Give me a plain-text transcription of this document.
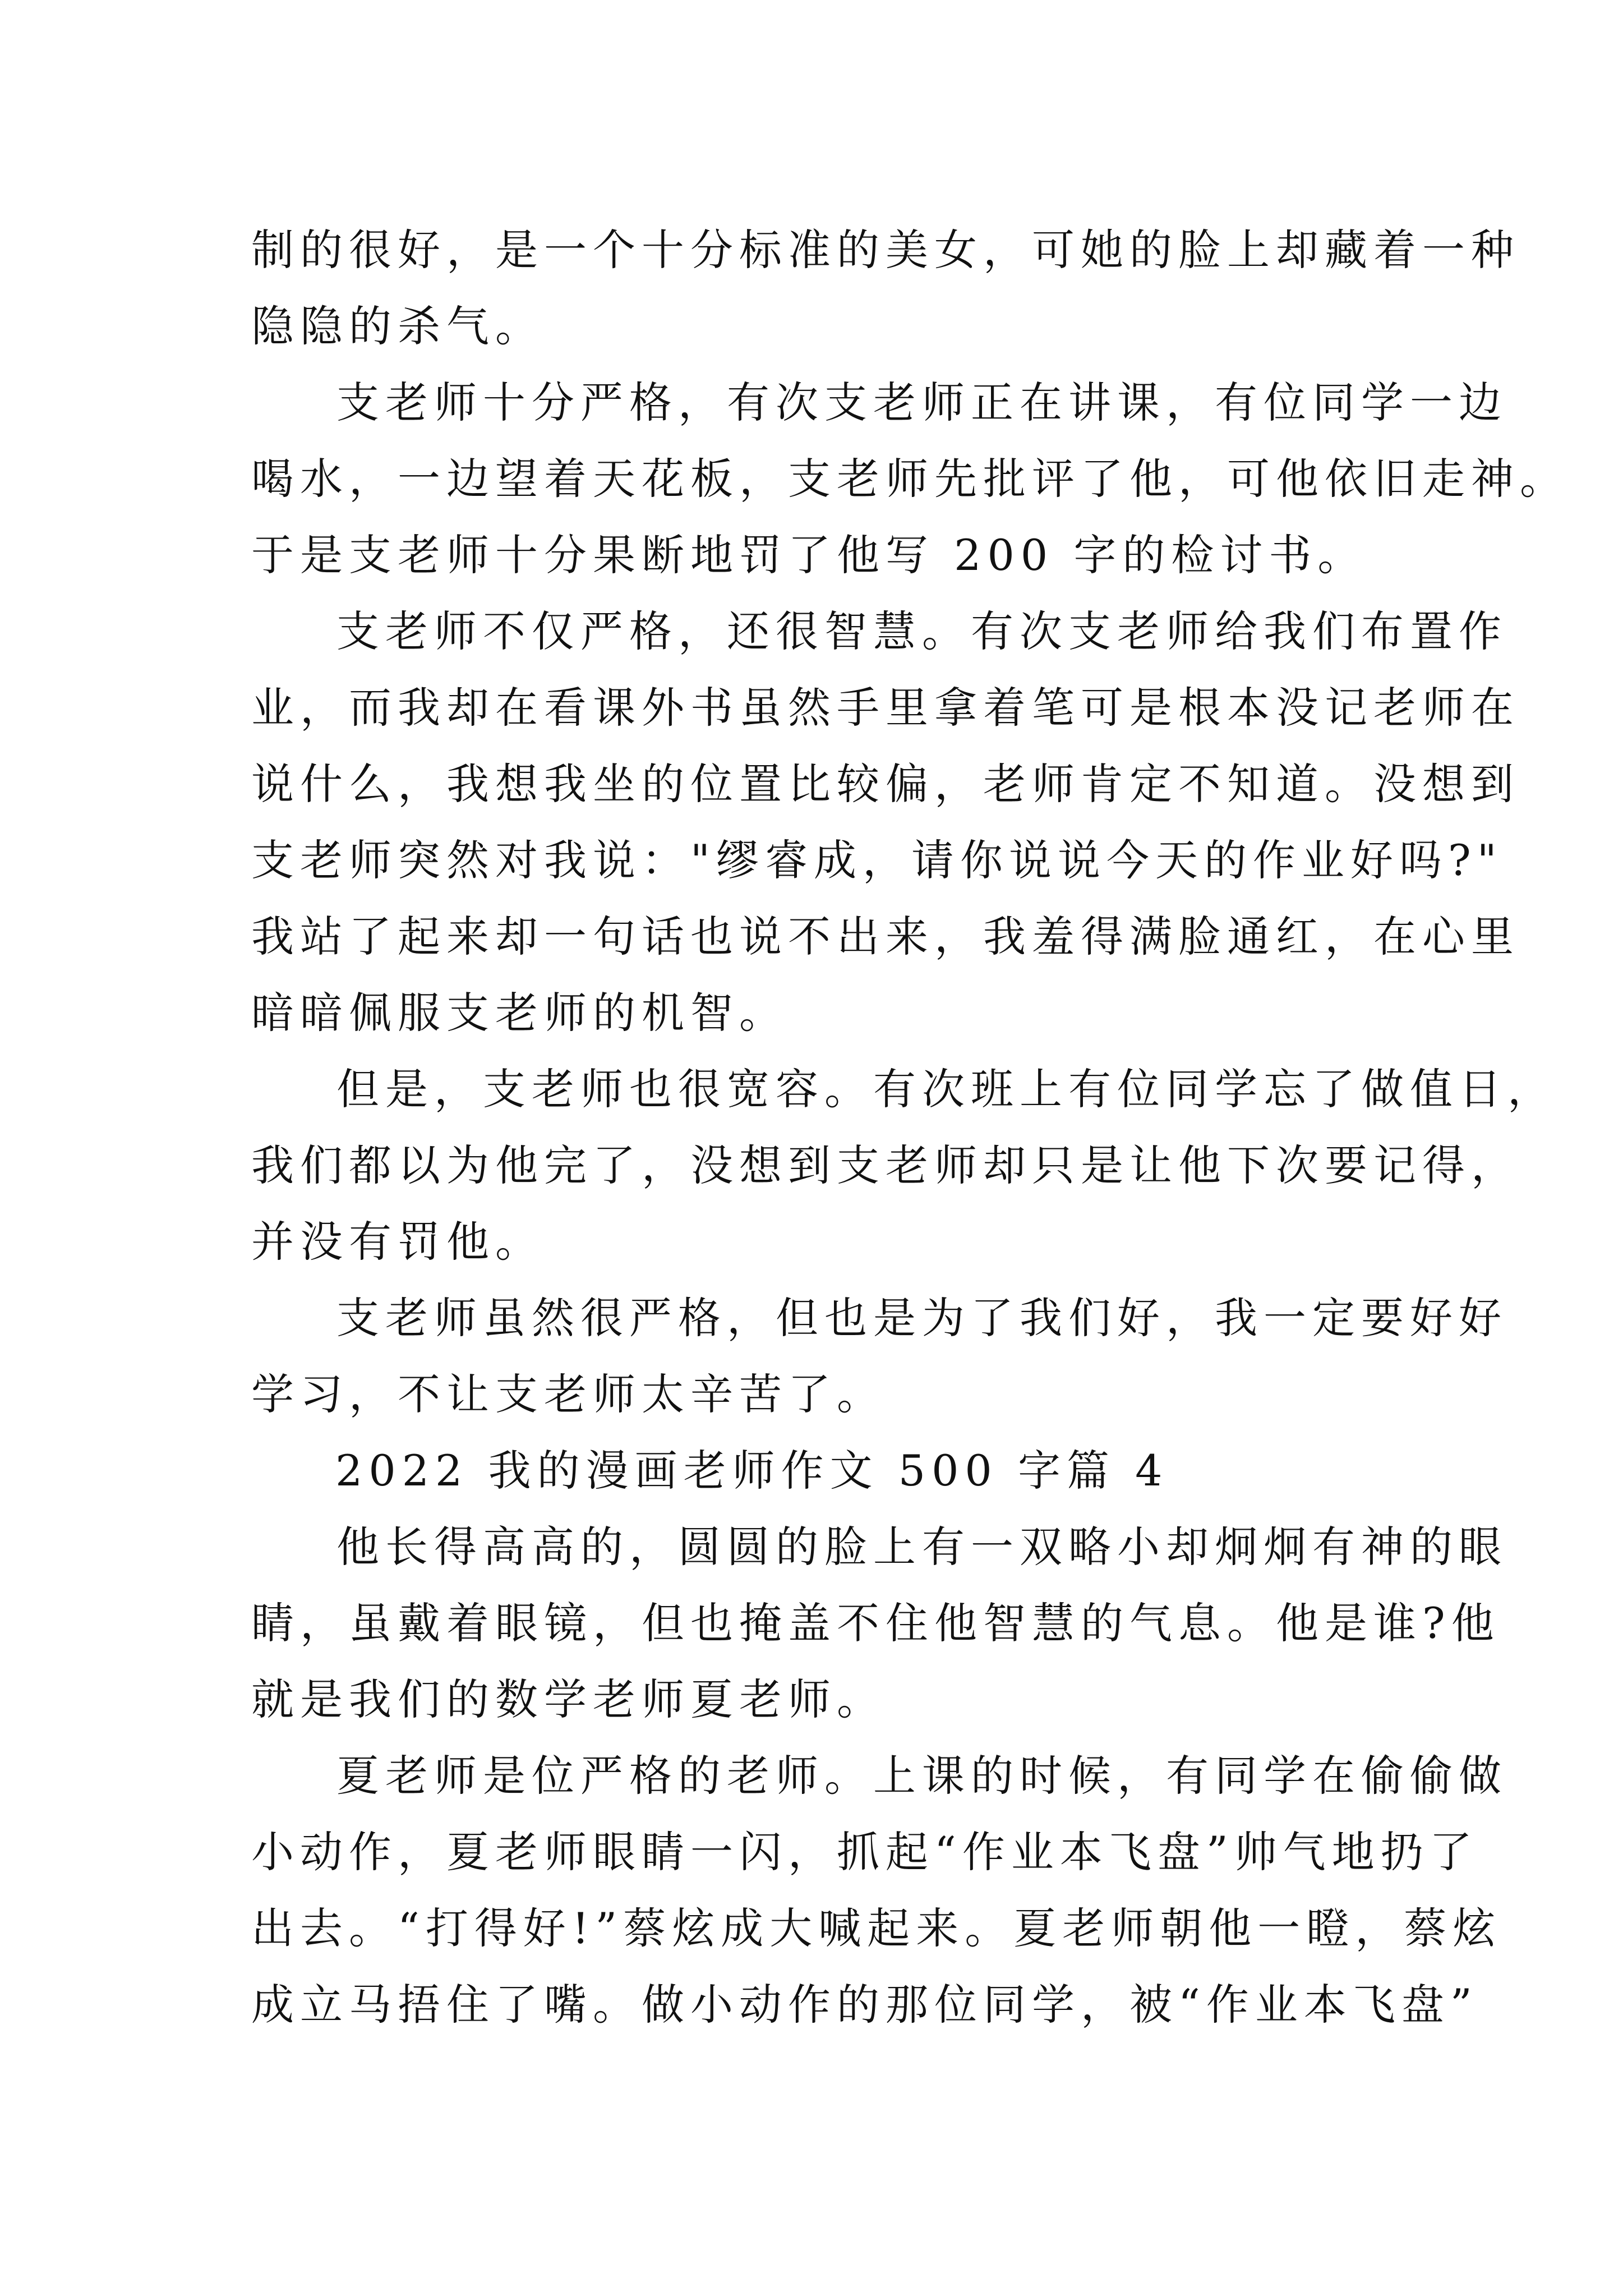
制的很好，是一个十分标准的美女，可她的脸上却藏着一种
隐隐的杀气。
支老师十分严格，有次支老师正在讲课，有位同学一边
喝水，一边望着天花板，支老师先批评了他，可他依旧走神。
于是支老师十分果断地罚了他写 200 字的检讨书。
支老师不仅严格，还很智慧。有次支老师给我们布置作
业，而我却在看课外书虽然手里拿着笔可是根本没记老师在
说什么，我想我坐的位置比较偏，老师肯定不知道。没想到
支老师突然对我说："缪睿成，请你说说今天的作业好吗?"
我站了起来却一句话也说不出来，我羞得满脸通红，在心里
暗暗佩服支老师的机智。
但是，支老师也很宽容。有次班上有位同学忘了做值日，
我们都以为他完了，没想到支老师却只是让他下次要记得，
并没有罚他。
支老师虽然很严格，但也是为了我们好，我一定要好好
学习，不让支老师太辛苦了。
2022 我的漫画老师作文 500 字篇 4
他长得高高的，圆圆的脸上有一双略小却炯炯有神的眼
睛，虽戴着眼镜，但也掩盖不住他智慧的气息。他是谁?他
就是我们的数学老师夏老师。
夏老师是位严格的老师。上课的时候，有同学在偷偷做
小动作，夏老师眼睛一闪，抓起“作业本飞盘”帅气地扔了
出去。“打得好!”蔡炫成大喊起来。夏老师朝他一瞪，蔡炫
成立马捂住了嘴。做小动作的那位同学，被“作业本飞盘”
